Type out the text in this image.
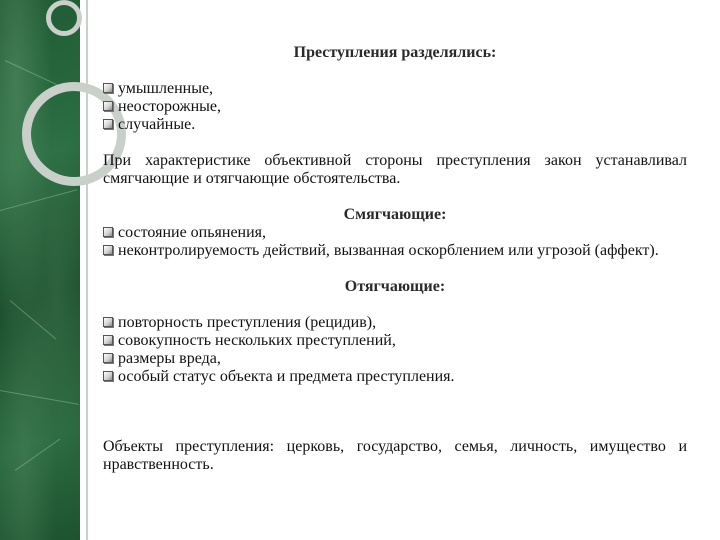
Преступления разделялись:

умышленные,
неосторожные,
случайные.

При характеристике объективной стороны преступления закон устанавливал смягчающие и отягчающие обстоятельства.

Смягчающие:

состояние опьянения,
неконтролируемость действий, вызванная оскорблением или угрозой (аффект).

Отягчающие:

повторность преступления (рецидив),
совокупность нескольких преступлений,
размеры вреда,
особый статус объекта и предмета преступления.

Объекты преступления: церковь, государство, семья, личность, имущество и нравственность.
